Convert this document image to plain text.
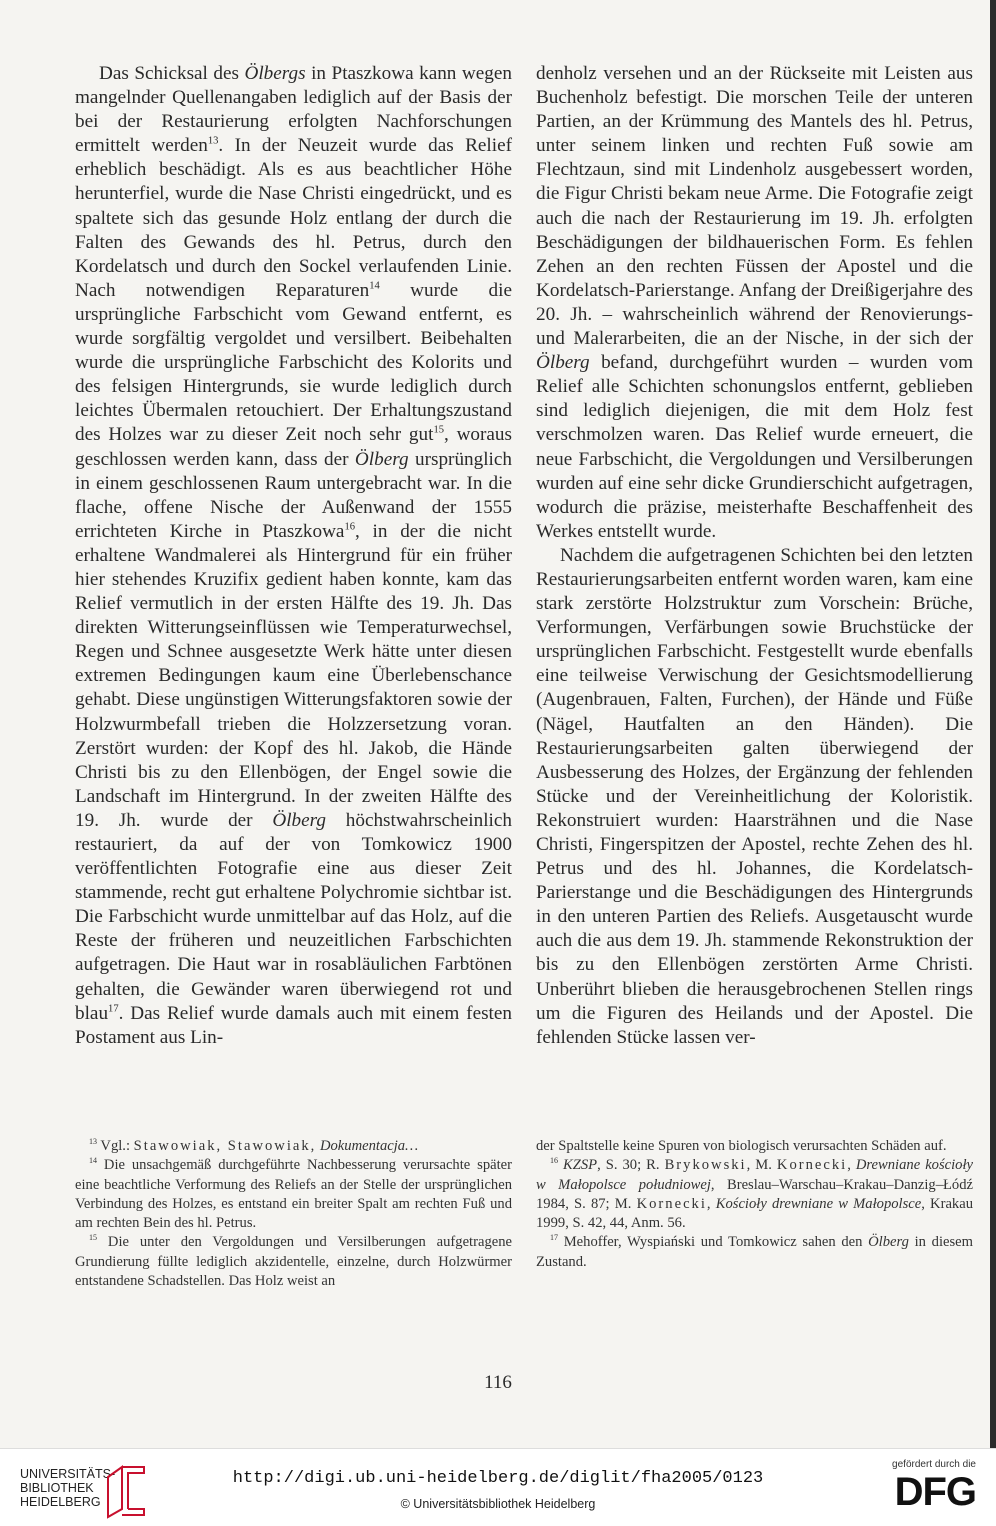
Das Schicksal des Ölbergs in Ptaszkowa kann wegen mangelnder Quellenangaben lediglich auf der Basis der bei der Restaurierung erfolgten Nachforschungen ermittelt werden$^{13}$. In der Neuzeit wurde das Relief erheblich beschädigt. Als es aus beachtlicher Höhe herunterfiel, wurde die Nase Christi eingedrückt, und es spaltete sich das gesunde Holz entlang der durch die Falten des Gewands des hl. Petrus, durch den Kordelatsch und durch den Sockel verlaufenden Linie. Nach notwendigen Reparaturen$^{14}$ wurde die ursprüngliche Farbschicht vom Gewand entfernt, es wurde sorgfältig vergoldet und versilbert. Beibehalten wurde die ursprüngliche Farbschicht des Kolorits und des felsigen Hintergrunds, sie wurde lediglich durch leichtes Übermalen retouchiert. Der Erhaltungszustand des Holzes war zu dieser Zeit noch sehr gut$^{15}$, woraus geschlossen werden kann, dass der Ölberg ursprünglich in einem geschlossenen Raum untergebracht war. In die flache, offene Nische der Außenwand der 1555 errichteten Kirche in Ptaszkowa$^{16}$, in der die nicht erhaltene Wandmalerei als Hintergrund für ein früher hier stehendes Kruzifix gedient haben konnte, kam das Relief vermutlich in der ersten Hälfte des 19. Jh. Das direkten Witterungseinflüssen wie Temperaturwechsel, Regen und Schnee ausgesetzte Werk hätte unter diesen extremen Bedingungen kaum eine Überlebenschance gehabt. Diese ungünstigen Witterungsfaktoren sowie der Holzwurmbefall trieben die Holzzersetzung voran. Zerstört wurden: der Kopf des hl. Jakob, die Hände Christi bis zu den Ellenbögen, der Engel sowie die Landschaft im Hintergrund. In der zweiten Hälfte des 19. Jh. wurde der Ölberg höchstwahrscheinlich restauriert, da auf der von Tomkowicz 1900 veröffentlichten Fotografie eine aus dieser Zeit stammende, recht gut erhaltene Polychromie sichtbar ist. Die Farbschicht wurde unmittelbar auf das Holz, auf die Reste der früheren und neuzeitlichen Farbschichten aufgetragen. Die Haut war in rosabläulichen Farbtönen gehalten, die Gewänder waren überwiegend rot und blau$^{17}$. Das Relief wurde damals auch mit einem festen Postament aus Lin-

denholz versehen und an der Rückseite mit Leisten aus Buchenholz befestigt. Die morschen Teile der unteren Partien, an der Krümmung des Mantels des hl. Petrus, unter seinem linken und rechten Fuß sowie am Flechtzaun, sind mit Lindenholz ausgebessert worden, die Figur Christi bekam neue Arme. Die Fotografie zeigt auch die nach der Restaurierung im 19. Jh. erfolgten Beschädigungen der bildhauerischen Form. Es fehlen Zehen an den rechten Füssen der Apostel und die Kordelatsch-Parierstange. Anfang der Dreißigerjahre des 20. Jh. – wahrscheinlich während der Renovierungs- und Malerarbeiten, die an der Nische, in der sich der Ölberg befand, durchgeführt wurden – wurden vom Relief alle Schichten schonungslos entfernt, geblieben sind lediglich diejenigen, die mit dem Holz fest verschmolzen waren. Das Relief wurde erneuert, die neue Farbschicht, die Vergoldungen und Versilberungen wurden auf eine sehr dicke Grundierschicht aufgetragen, wodurch die präzise, meisterhafte Beschaffenheit des Werkes entstellt wurde.

Nachdem die aufgetragenen Schichten bei den letzten Restaurierungsarbeiten entfernt worden waren, kam eine stark zerstörte Holzstruktur zum Vorschein: Brüche, Verformungen, Verfärbungen sowie Bruchstücke der ursprünglichen Farbschicht. Festgestellt wurde ebenfalls eine teilweise Verwischung der Gesichtsmodellierung (Augenbrauen, Falten, Furchen), der Hände und Füße (Nägel, Hautfalten an den Händen). Die Restaurierungsarbeiten galten überwiegend der Ausbesserung des Holzes, der Ergänzung der fehlenden Stücke und der Vereinheitlichung der Koloristik. Rekonstruiert wurden: Haarsträhnen und die Nase Christi, Fingerspitzen der Apostel, rechte Zehen des hl. Petrus und des hl. Johannes, die Kordelatsch-Parierstange und die Beschädigungen des Hintergrunds in den unteren Partien des Reliefs. Ausgetauscht wurde auch die aus dem 19. Jh. stammende Rekonstruktion der bis zu den Ellenbögen zerstörten Arme Christi. Unberührt blieben die herausgebrochenen Stellen rings um die Figuren des Heilands und der Apostel. Die fehlenden Stücke lassen ver-

$^{13}$ Vgl.: Stawowiak, Stawowiak, Dokumentacja…

$^{14}$ Die unsachgemäß durchgeführte Nachbesserung verursachte später eine beachtliche Verformung des Reliefs an der Stelle der ursprünglichen Verbindung des Holzes, es entstand ein breiter Spalt am rechten Fuß und am rechten Bein des hl. Petrus.

$^{15}$ Die unter den Vergoldungen und Versilberungen aufgetragene Grundierung füllte lediglich akzidentelle, einzelne, durch Holzwürmer entstandene Schadstellen. Das Holz weist an

der Spaltstelle keine Spuren von biologisch verursachten Schäden auf.

$^{16}$ KZSP, S. 30; R. Brykowski, M. Kornecki, Drewniane kościoły w Małopolsce południowej, Breslau–Warschau–Krakau–Danzig–Łódź 1984, S. 87; M. Kornecki, Kościoły drewniane w Małopolsce, Krakau 1999, S. 42, 44, Anm. 56.

$^{17}$ Mehoffer, Wyspiański und Tomkowicz sahen den Ölberg in diesem Zustand.

116
UNIVERSITÄTS-
BIBLIOTHEK
HEIDELBERG
http://digi.ub.uni-heidelberg.de/diglit/fha2005/0123
© Universitätsbibliothek Heidelberg
gefördert durch die
DFG
